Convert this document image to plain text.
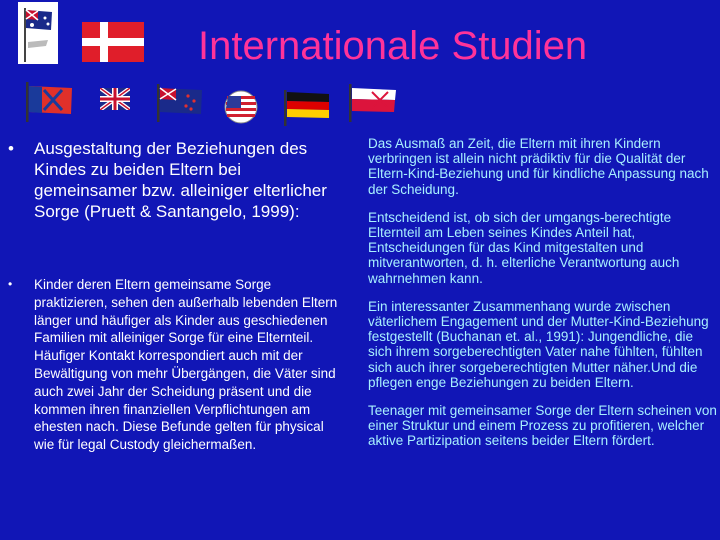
Internationale Studien
• Ausgestaltung der Beziehungen des Kindes zu beiden Eltern bei gemeinsamer bzw. alleiniger elterlicher Sorge (Pruett & Santangelo, 1999):
• Kinder deren Eltern gemeinsame Sorge praktizieren, sehen den außerhalb lebenden Eltern länger und häufiger als Kinder aus geschiedenen Familien mit alleiniger Sorge für eine Elternteil. Häufiger Kontakt korrespondiert auch mit der Bewältigung von mehr Übergängen, die Väter sind auch zwei Jahr der Scheidung präsent und die kommen ihren finanziellen Verpflichtungen am ehesten nach. Diese Befunde gelten für physical wie für legal Custody gleichermaßen.

Das Ausmaß an Zeit, die Eltern mit ihren Kindern verbringen ist allein nicht prädiktiv für die Qualität der Eltern-Kind-Beziehung und für kindliche Anpassung nach der Scheidung.

Entscheidend ist, ob sich der umgangs-berechtigte Elternteil am Leben seines Kindes Anteil hat, Entscheidungen für das Kind mitgestalten und mitverantworten, d. h. elterliche Verantwortung auch wahrnehmen kann.

Ein interessanter Zusammenhang wurde zwischen väterlichem Engagement und der Mutter-Kind-Beziehung festgestellt (Buchanan et. al., 1991): Jungendliche, die sich ihrem sorgeberechtigten Vater nahe fühlten, fühlten sich auch ihrer sorgeberechtigten Mutter näher.Und die pflegen enge Beziehungen zu beiden Eltern.

Teenager mit gemeinsamer Sorge der Eltern scheinen von einer Struktur und einem Prozess zu profitieren, welcher aktive Partizipation seitens beider Eltern fördert.
